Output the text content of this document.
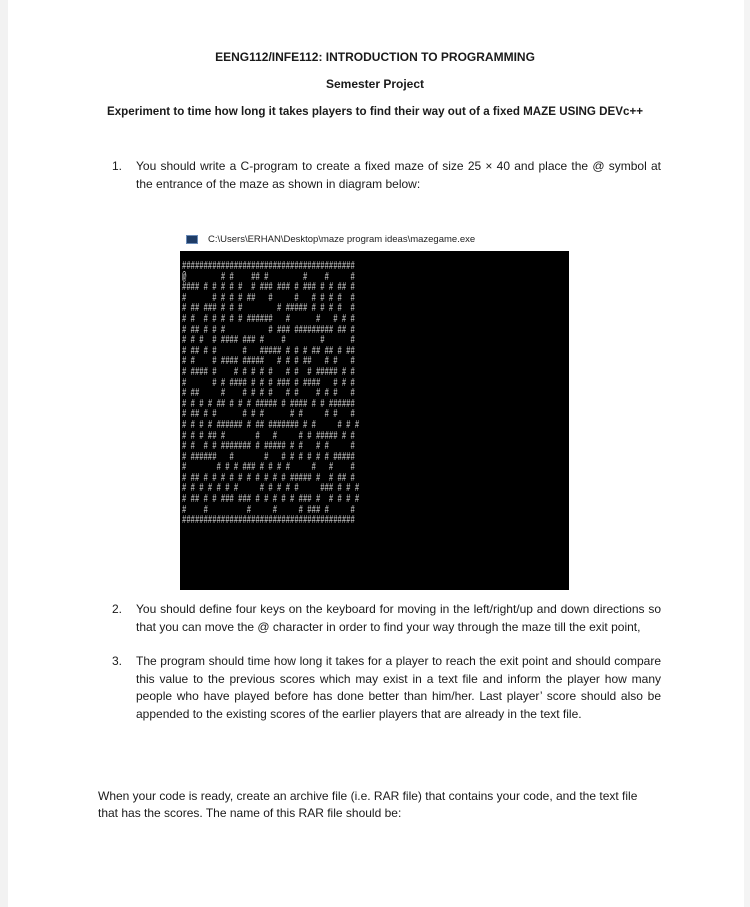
EENG112/INFE112: INTRODUCTION TO PROGRAMMING
Semester Project
Experiment to time how long it takes players to find their way out of a fixed MAZE USING DEVc++
1. You should write a C-program to create a fixed maze of size 25 × 40 and place the @ symbol at the entrance of the maze as shown in diagram below:
C:\Users\ERHAN\Desktop\maze program ideas\mazegame.exe
########################################
@        # #    ## #        #    #     #
#### # # # # #  # ### ### # ### # # ## #
#      # # # # ##   #     #   # # # #  #
# ## ### # # #        # ##### # # # #  #
# #  # # # # # ######   #      #   # # #
# ## # # #          # ### ######### ## #
# # #  # #### ### #    #        #      #
# ## # #      #   ##### # # # ## ## # ##
# #    # #### #####   # # # ##   # #   #
# #### #    # # # # #   # #  # ##### # #
#      # # #### # # # ### # ####   # # #
# ##     #    # # # #   # #    # # #   #
# # # # ## # # # ##### # #### # # ######
# ## # #      # # #      # #     # #   #
# # # # ###### # ## ####### # #     # # #
# # # ## #       #   #     # # ##### # #
# #  # # ####### # ##### # #   # #     #
# ######   #       #   # # # # # # #####
#       # # # ### # # # #     #   #    #
# ## # # # # # # # # # # ##### #  # ## #
# # # # # # #     # # # # #     ### # # #
# ## # # ### ### # # # # # ### #  # # # #
#    #         #     #     # ### #     #
########################################
2. You should define four keys on the keyboard for moving in the left/right/up and down directions so that you can move the @ character in order to find your way through the maze till the exit point,
3. The program should time how long it takes for a player to reach the exit point and should compare this value to the previous scores which may exist in a text file and inform the player how many people who have played before has done better than him/her. Last player’ score should also be appended to the existing scores of the earlier players that are already in the text file.
When your code is ready, create an archive file (i.e. RAR file) that contains your code, and the text file that has the scores. The name of this RAR file should be:
